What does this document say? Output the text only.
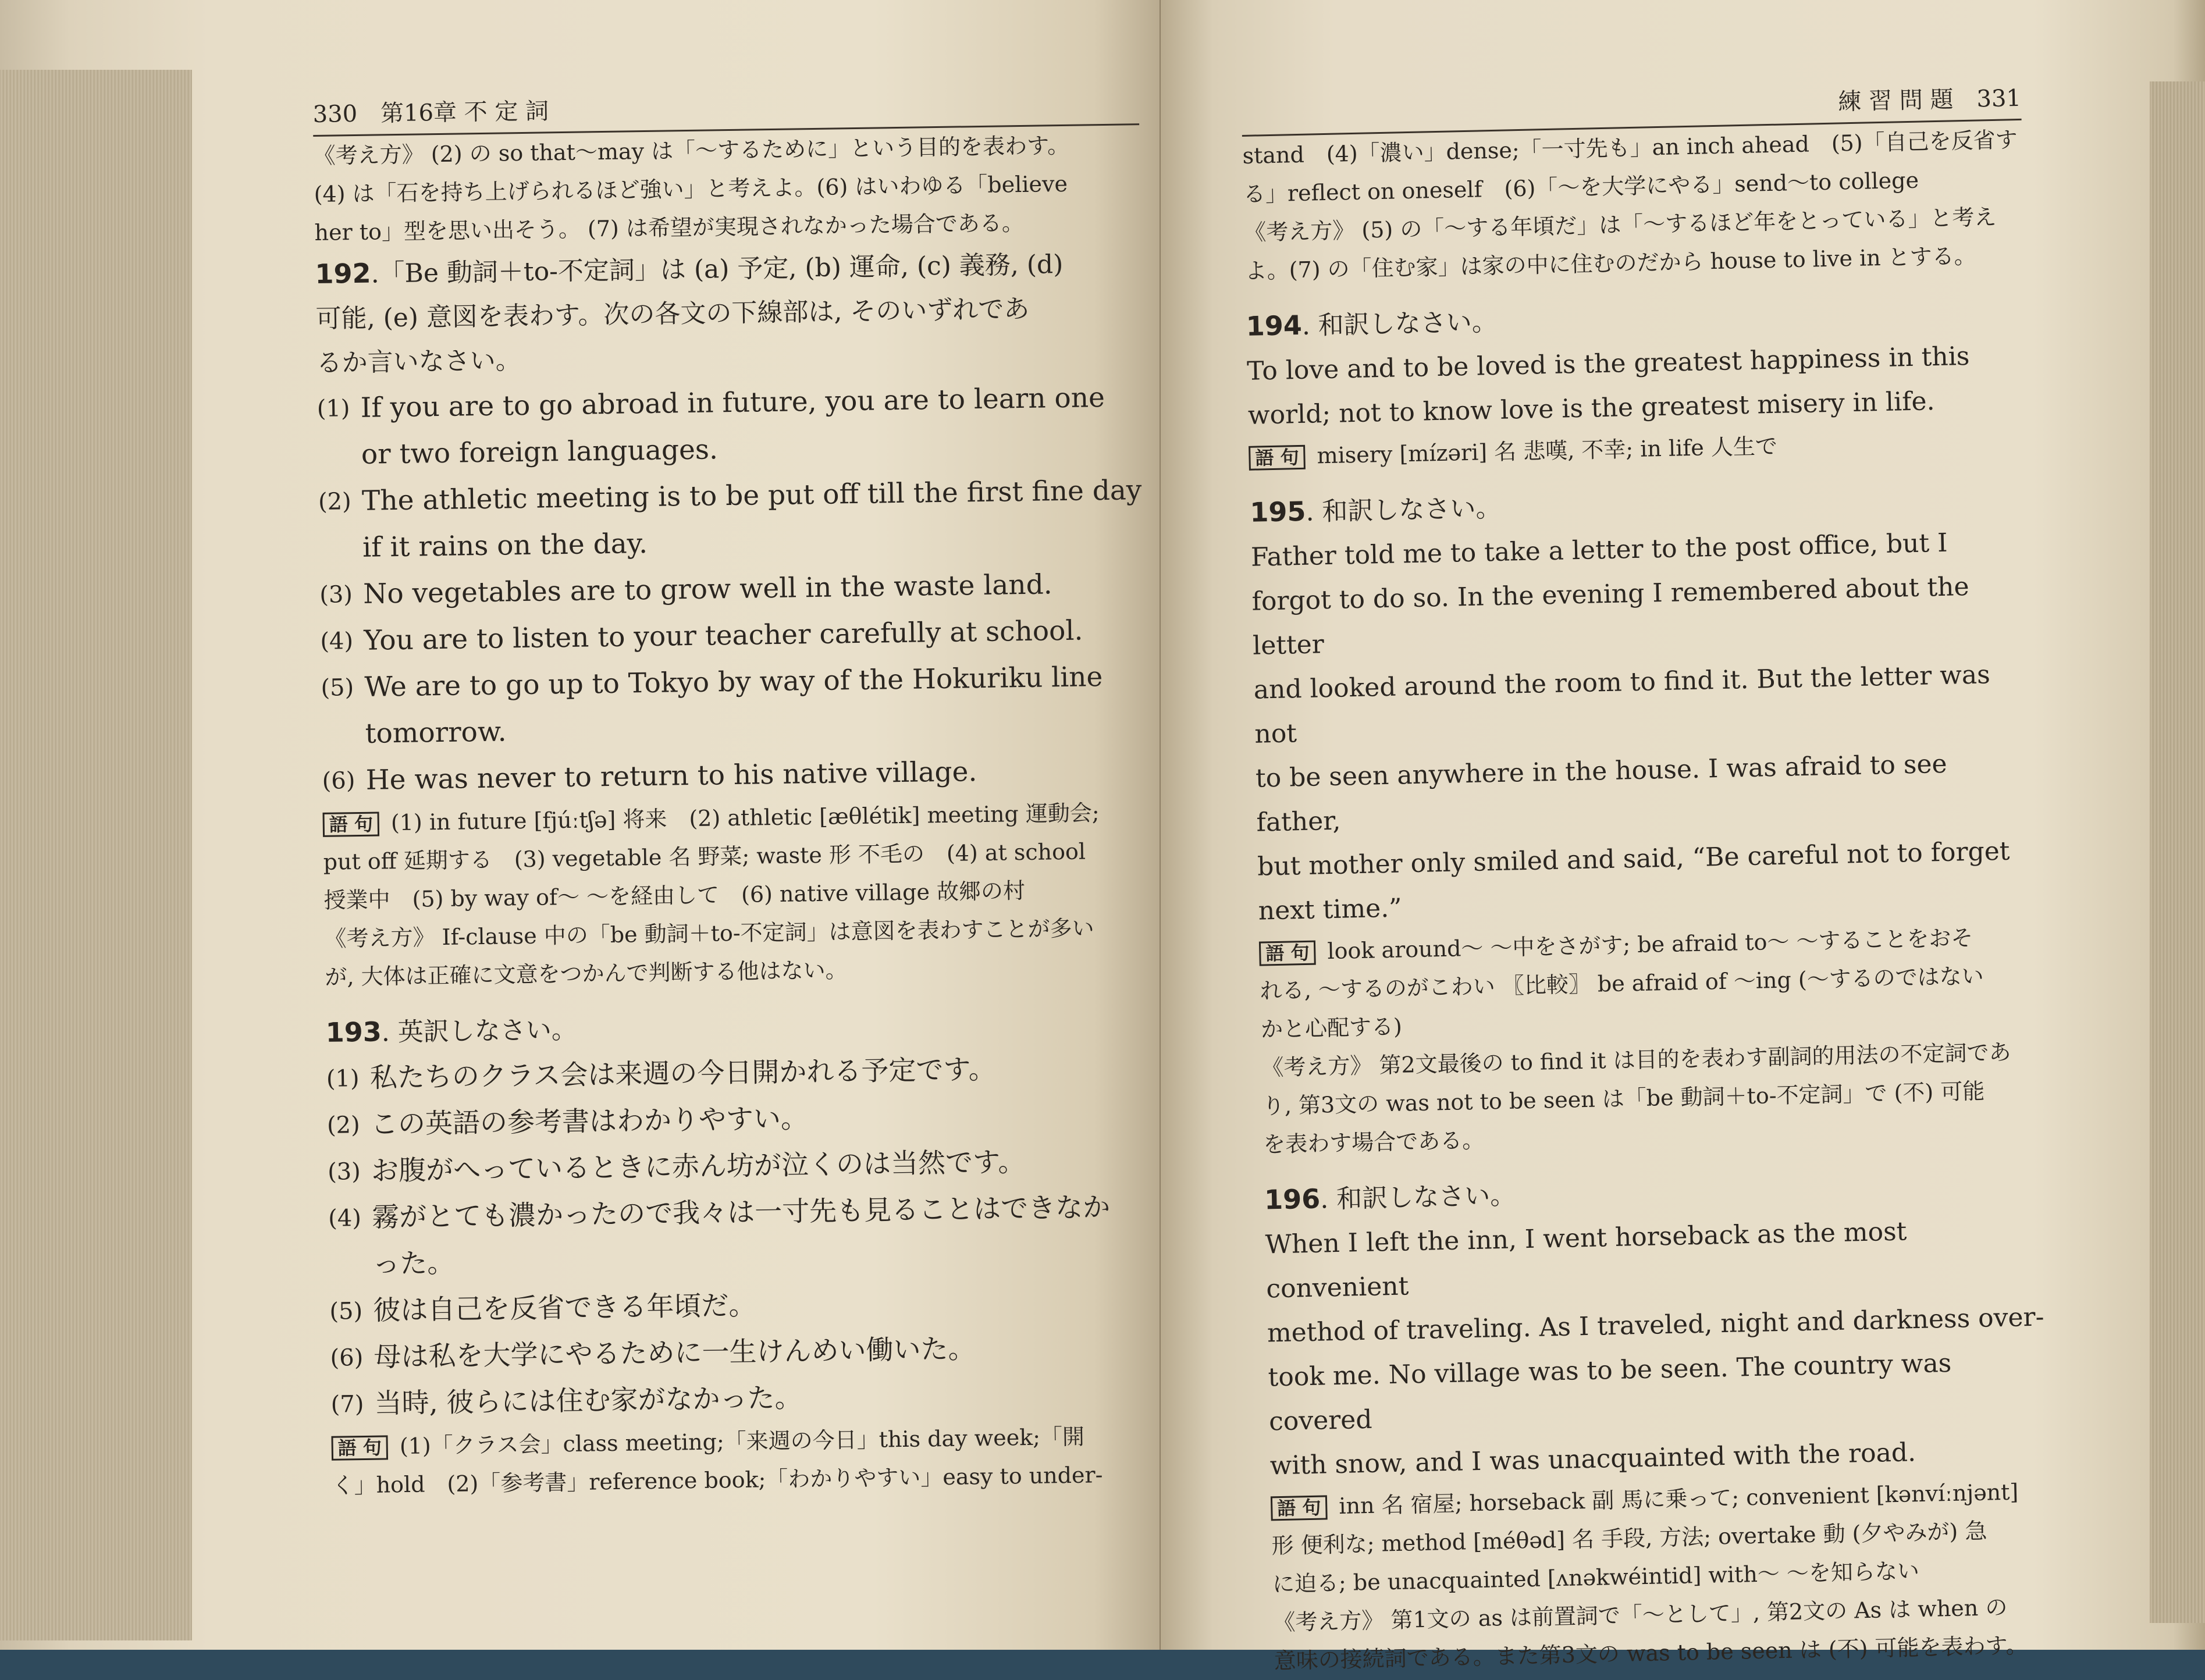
330 第16章 不 定 詞

《考え方》 (2) の so that～may は「～するために」という目的を表わす。

(4) は「石を持ち上げられるほど強い」と考えよ。(6) はいわゆる「believe

her to」型を思い出そう。 (7) は希望が実現されなかった場合である。

192.「Be 動詞＋to-不定詞」は (a) 予定, (b) 運命, (c) 義務, (d)

可能, (e) 意図を表わす。次の各文の下線部は, そのいずれであ

るか言いなさい。

(1) If you are to go abroad in future, you are to learn one
or two foreign languages.
(2) The athletic meeting is to be put off till the first fine day
if it rains on the day.
(3) No vegetables are to grow well in the waste land.
(4) You are to listen to your teacher carefully at school.
(5) We are to go up to Tokyo by way of the Hokuriku line
tomorrow.
(6) He was never to return to his native village.

語 句 (1) in future [fjúːtʃə] 将来　(2) athletic [æθlétik] meeting 運動会;

put off 延期する　(3) vegetable 名 野菜; waste 形 不毛の　(4) at school

授業中　(5) by way of～ ～を経由して　(6) native village 故郷の村

《考え方》 If-clause 中の「be 動詞＋to-不定詞」は意図を表わすことが多い

が, 大体は正確に文意をつかんで判断する他はない。

193. 英訳しなさい。

(1) 私たちのクラス会は来週の今日開かれる予定です。
(2) この英語の参考書はわかりやすい。
(3) お腹がへっているときに赤ん坊が泣くのは当然です。
(4) 霧がとても濃かったので我々は一寸先も見ることはできなか
った。
(5) 彼は自己を反省できる年頃だ。
(6) 母は私を大学にやるために一生けんめい働いた。
(7) 当時, 彼らには住む家がなかった。

語 句 (1)「クラス会」class meeting;「来週の今日」this day week;「開

く」hold　(2)「参考書」reference book;「わかりやすい」easy to under-

練 習 問 題 331

stand　(4)「濃い」dense;「一寸先も」an inch ahead　(5)「自己を反省す

る」reflect on oneself　(6)「～を大学にやる」send～to college

《考え方》 (5) の「～する年頃だ」は「～するほど年をとっている」と考え

よ。(7) の「住む家」は家の中に住むのだから house to live in とする。

194. 和訳しなさい。

To love and to be loved is the greatest happiness in this

world; not to know love is the greatest misery in life.

語 句 misery [mízəri] 名 悲嘆, 不幸; in life 人生で

195. 和訳しなさい。

Father told me to take a letter to the post office, but I

forgot to do so. In the evening I remembered about the letter

and looked around the room to find it. But the letter was not

to be seen anywhere in the house. I was afraid to see father,

but mother only smiled and said, “Be careful not to forget

next time.”

語 句 look around～ ～中をさがす; be afraid to～ ～することをおそ

れる, ～するのがこわい 〖比較〗 be afraid of ～ing (～するのではない

かと心配する)

《考え方》 第2文最後の to find it は目的を表わす副詞的用法の不定詞であ

り, 第3文の was not to be seen は「be 動詞＋to-不定詞」で (不) 可能

を表わす場合である。

196. 和訳しなさい。

When I left the inn, I went horseback as the most convenient

method of traveling. As I traveled, night and darkness over-

took me. No village was to be seen. The country was covered

with snow, and I was unacquainted with the road.

語 句 inn 名 宿屋; horseback 副 馬に乗って; convenient [kənvíːnjənt]

形 便利な; method [méθəd] 名 手段, 方法; overtake 動 (夕やみが) 急

に迫る; be unacquainted [ʌnəkwéintid] with～ ～を知らない

《考え方》 第1文の as は前置詞で「～として」, 第2文の As は when の

意味の接続詞である。また第3文の was to be seen は (不) 可能を表わす。
